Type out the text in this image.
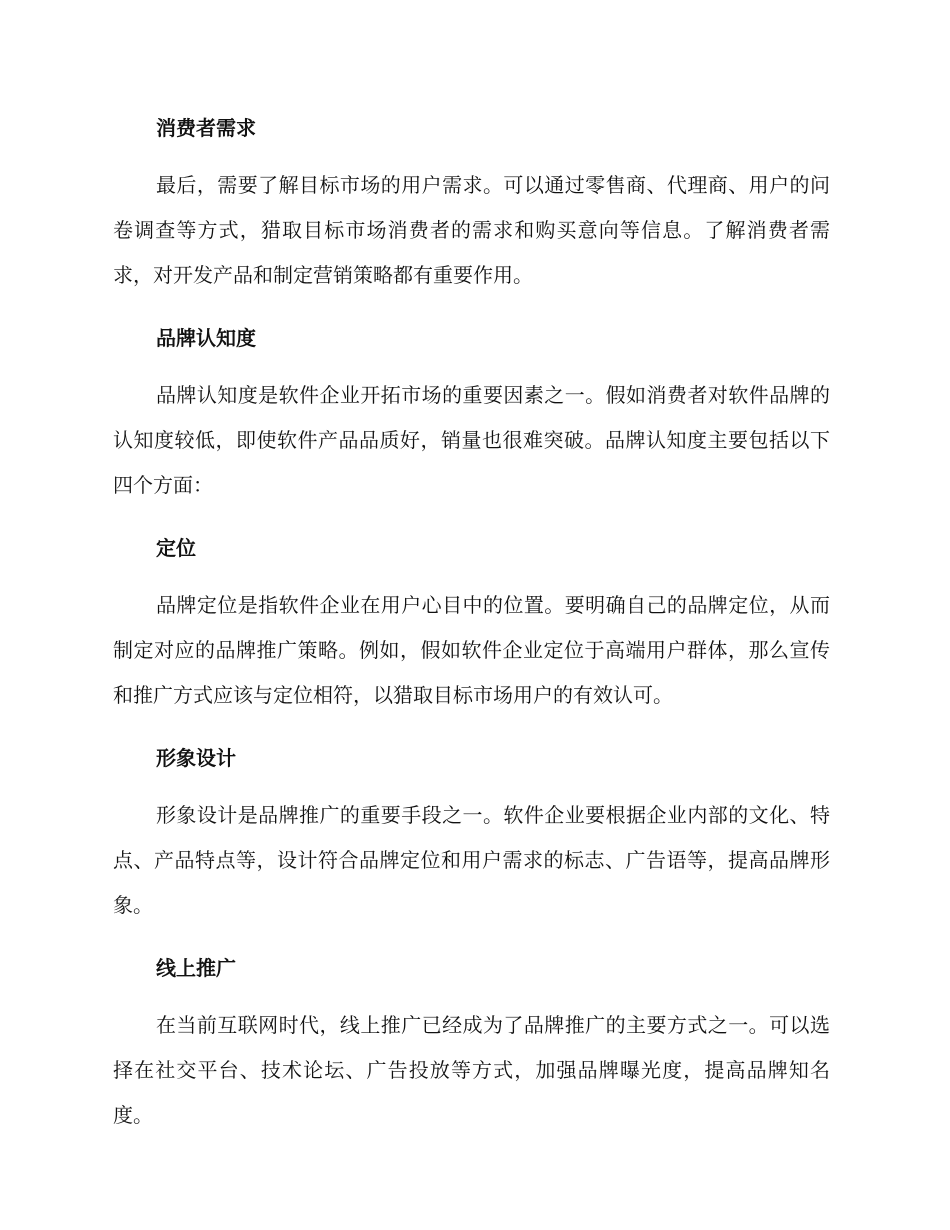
消费者需求

最后，需要了解目标市场的用户需求。可以通过零售商、代理商、用户的问卷调查等方式，猎取目标市场消费者的需求和购买意向等信息。了解消费者需求，对开发产品和制定营销策略都有重要作用。

品牌认知度

品牌认知度是软件企业开拓市场的重要因素之一。假如消费者对软件品牌的认知度较低，即使软件产品品质好，销量也很难突破。品牌认知度主要包括以下四个方面：

定位

品牌定位是指软件企业在用户心目中的位置。要明确自己的品牌定位，从而制定对应的品牌推广策略。例如，假如软件企业定位于高端用户群体，那么宣传和推广方式应该与定位相符，以猎取目标市场用户的有效认可。

形象设计

形象设计是品牌推广的重要手段之一。软件企业要根据企业内部的文化、特点、产品特点等，设计符合品牌定位和用户需求的标志、广告语等，提高品牌形象。

线上推广

在当前互联网时代，线上推广已经成为了品牌推广的主要方式之一。可以选择在社交平台、技术论坛、广告投放等方式，加强品牌曝光度，提高品牌知名度。
